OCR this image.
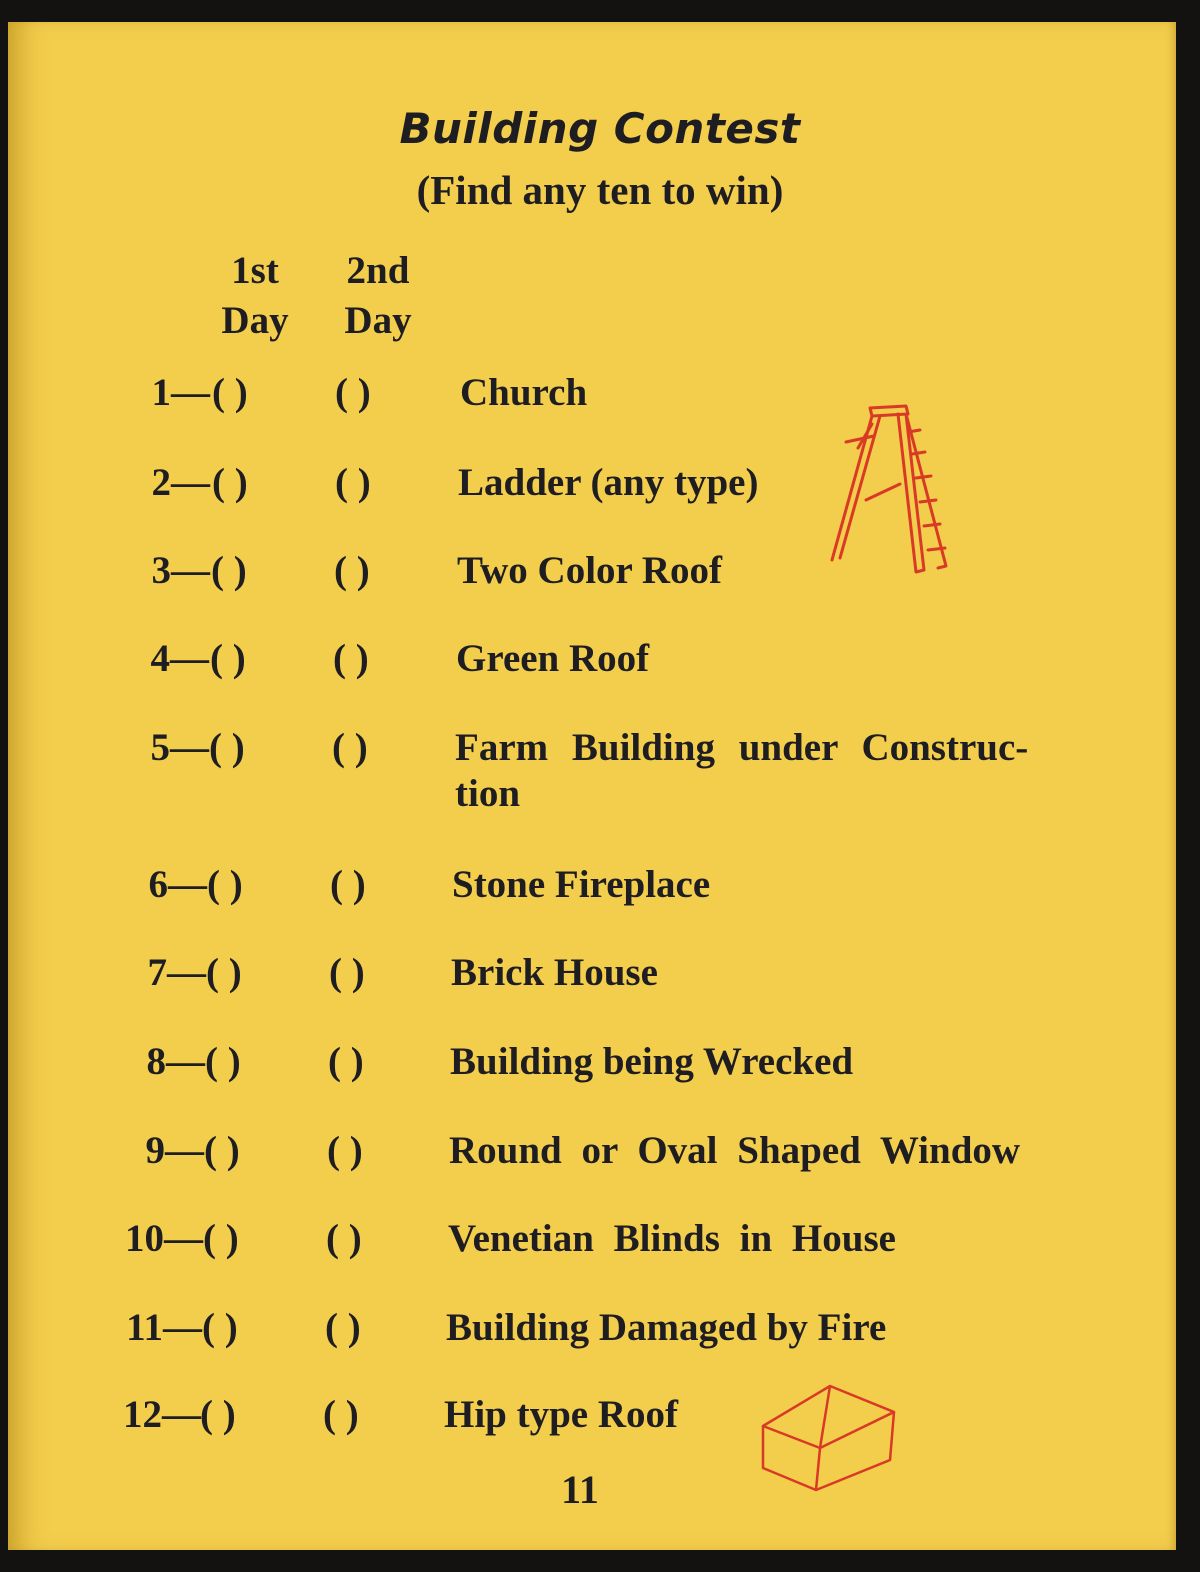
Building Contest
(Find any ten to win)
1st
Day
2nd
Day
1— ( )	( )	Church
2— ( )	( )	Ladder (any type)
3— ( )	( )	Two Color Roof
4— ( )	( )	Green Roof
5— ( )	( )	Farm Building under Construc-
tion
6— ( )	( )	Stone Fireplace
7— ( )	( )	Brick House
8— ( )	( )	Building being Wrecked
9— ( )	( )	Round or Oval Shaped Window
10— ( )	( )	Venetian Blinds in House
11— ( )	( )	Building Damaged by Fire
12— ( )	( )	Hip type Roof
11
